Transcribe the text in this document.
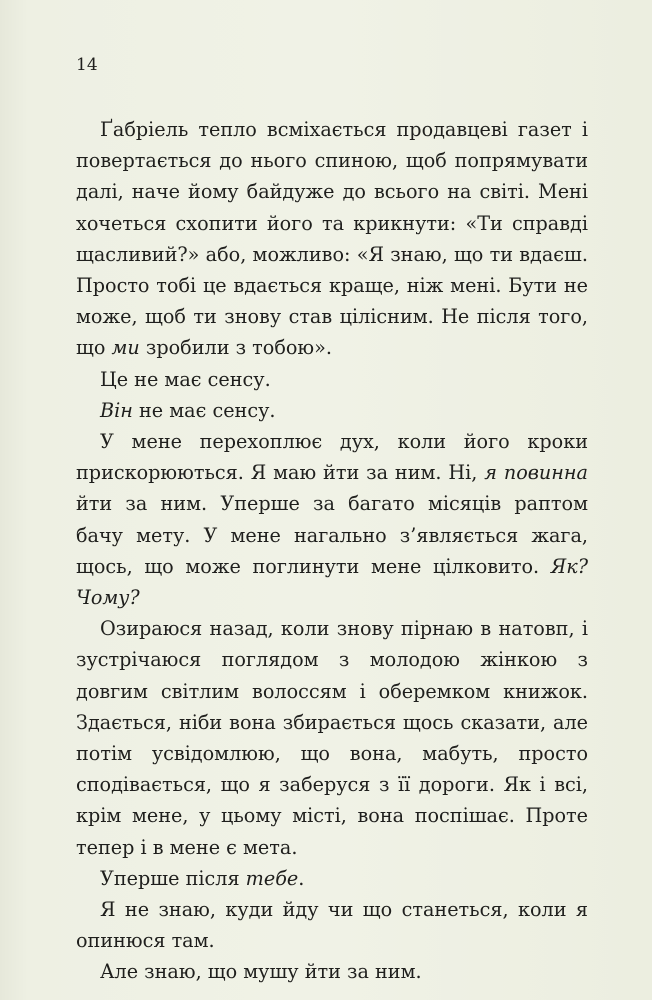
14

Ґабріель тепло всміхається продавцеві газет і повертається до нього спиною, щоб попрямувати далі, наче йому байдуже до всього на світі. Мені хочеться схопити його та крикнути: «Ти справді щасливий?» або, можливо: «Я знаю, що ти вдаєш. Просто тобі це вдається краще, ніж мені. Бути не може, щоб ти знову став цілісним. Не після того, що ми зробили з тобою».

Це не має сенсу.

Він не має сенсу.

У мене перехоплює дух, коли його кроки прискорюються. Я маю йти за ним. Ні, я повинна йти за ним. Уперше за багато місяців раптом бачу мету. У мене нагально з’являється жага, щось, що може поглинути мене цілковито. Як? Чому?

Озираюся назад, коли знову пірнаю в натовп, і зустрічаюся поглядом з молодою жінкою з довгим світлим волоссям і оберемком книжок. Здається, ніби вона збирається щось сказати, але потім усвідомлюю, що вона, мабуть, просто сподівається, що я заберуся з її дороги. Як і всі, крім мене, у цьому місті, вона поспішає. Проте тепер і в мене є мета.

Уперше після тебе.

Я не знаю, куди йду чи що станеться, коли я опинюся там.

Але знаю, що мушу йти за ним.
